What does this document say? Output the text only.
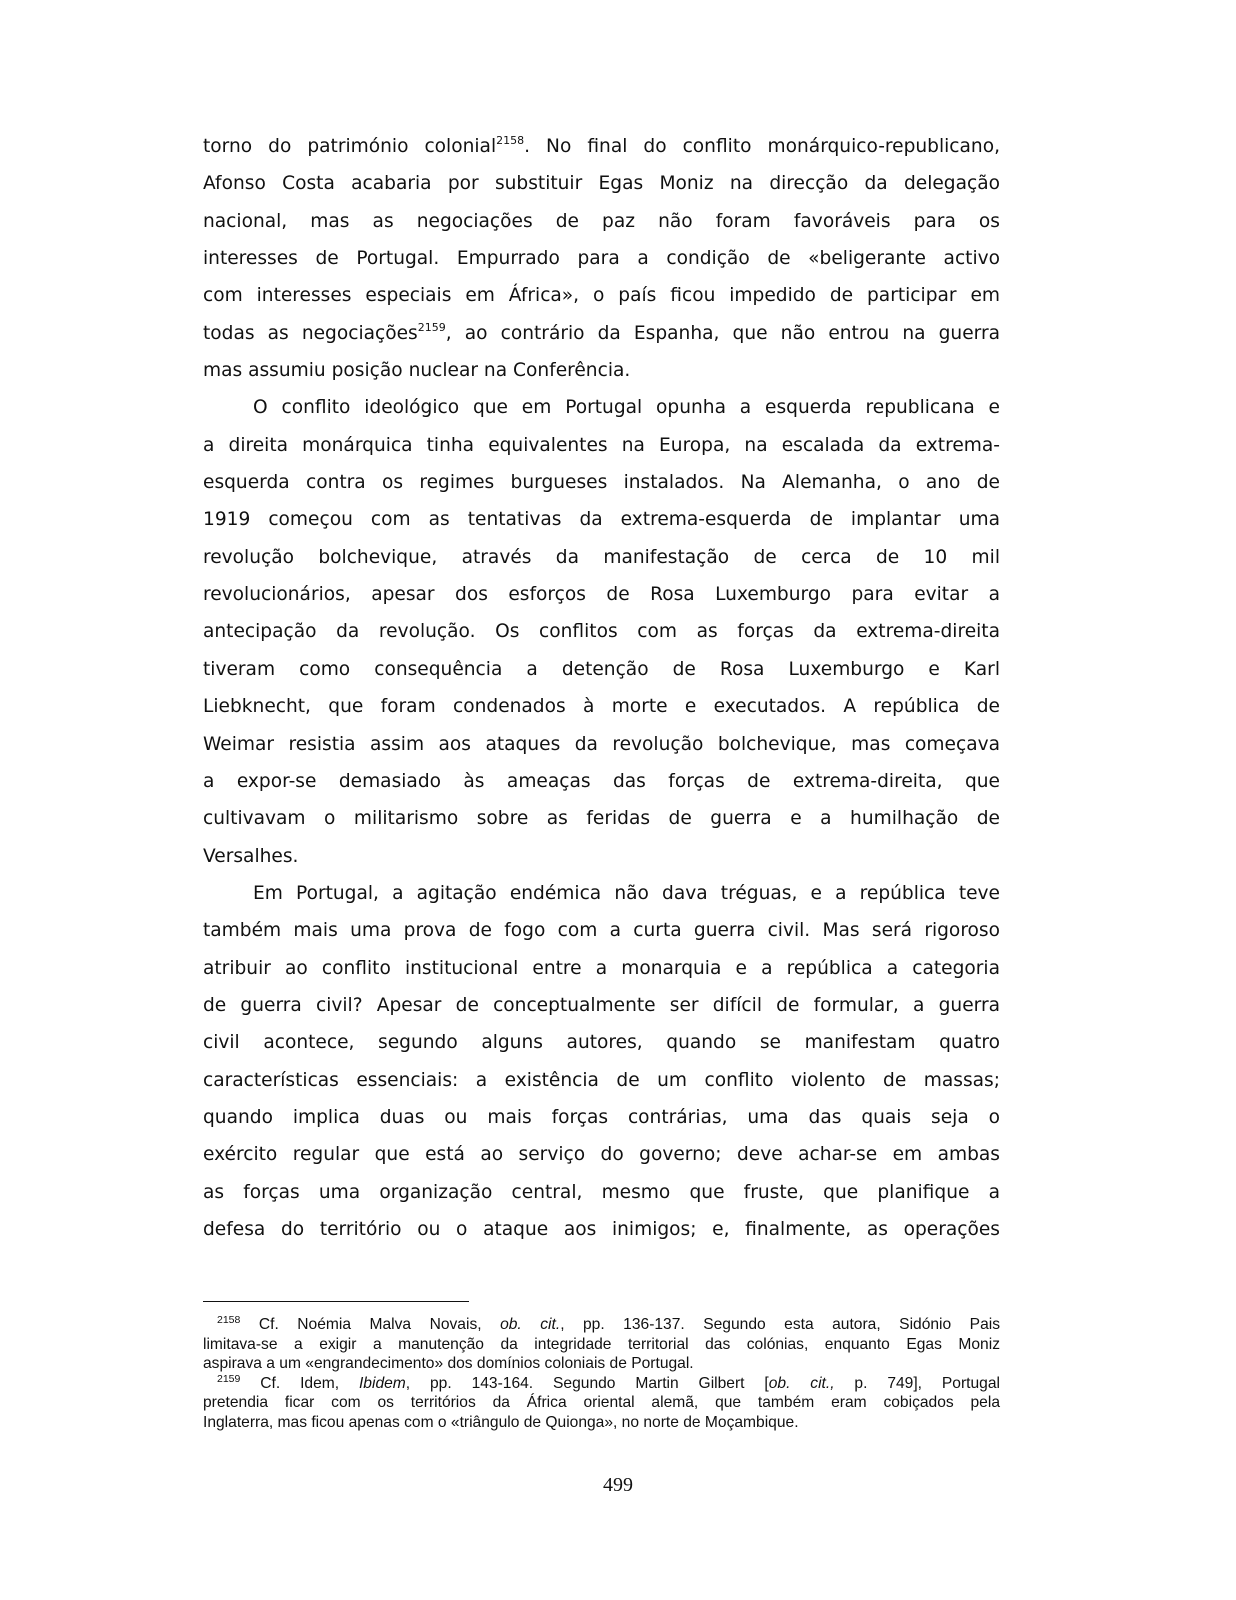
torno do património colonial$^{2158}$. No final do conflito monárquico-republicano,
Afonso Costa acabaria por substituir Egas Moniz na direcção da delegação
nacional, mas as negociações de paz não foram favoráveis para os
interesses de Portugal. Empurrado para a condição de «beligerante activo
com interesses especiais em África», o país ficou impedido de participar em
todas as negociações$^{2159}$, ao contrário da Espanha, que não entrou na guerra
mas assumiu posição nuclear na Conferência.
O conflito ideológico que em Portugal opunha a esquerda republicana e
a direita monárquica tinha equivalentes na Europa, na escalada da extrema-
esquerda contra os regimes burgueses instalados. Na Alemanha, o ano de
1919 começou com as tentativas da extrema-esquerda de implantar uma
revolução bolchevique, através da manifestação de cerca de 10 mil
revolucionários, apesar dos esforços de Rosa Luxemburgo para evitar a
antecipação da revolução. Os conflitos com as forças da extrema-direita
tiveram como consequência a detenção de Rosa Luxemburgo e Karl
Liebknecht, que foram condenados à morte e executados. A república de
Weimar resistia assim aos ataques da revolução bolchevique, mas começava
a expor-se demasiado às ameaças das forças de extrema-direita, que
cultivavam o militarismo sobre as feridas de guerra e a humilhação de
Versalhes.
Em Portugal, a agitação endémica não dava tréguas, e a república teve
também mais uma prova de fogo com a curta guerra civil. Mas será rigoroso
atribuir ao conflito institucional entre a monarquia e a república a categoria
de guerra civil? Apesar de conceptualmente ser difícil de formular, a guerra
civil acontece, segundo alguns autores, quando se manifestam quatro
características essenciais: a existência de um conflito violento de massas;
quando implica duas ou mais forças contrárias, uma das quais seja o
exército regular que está ao serviço do governo; deve achar-se em ambas
as forças uma organização central, mesmo que fruste, que planifique a
defesa do território ou o ataque aos inimigos; e, finalmente, as operações
$^{2158}$ Cf. Noémia Malva Novais, ob. cit., pp. 136-137. Segundo esta autora, Sidónio Pais
limitava-se a exigir a manutenção da integridade territorial das colónias, enquanto Egas Moniz
aspirava a um «engrandecimento» dos domínios coloniais de Portugal.
$^{2159}$ Cf. Idem, Ibidem, pp. 143-164. Segundo Martin Gilbert [ob. cit., p. 749], Portugal
pretendia ficar com os territórios da África oriental alemã, que também eram cobiçados pela
Inglaterra, mas ficou apenas com o «triângulo de Quionga», no norte de Moçambique.
499
